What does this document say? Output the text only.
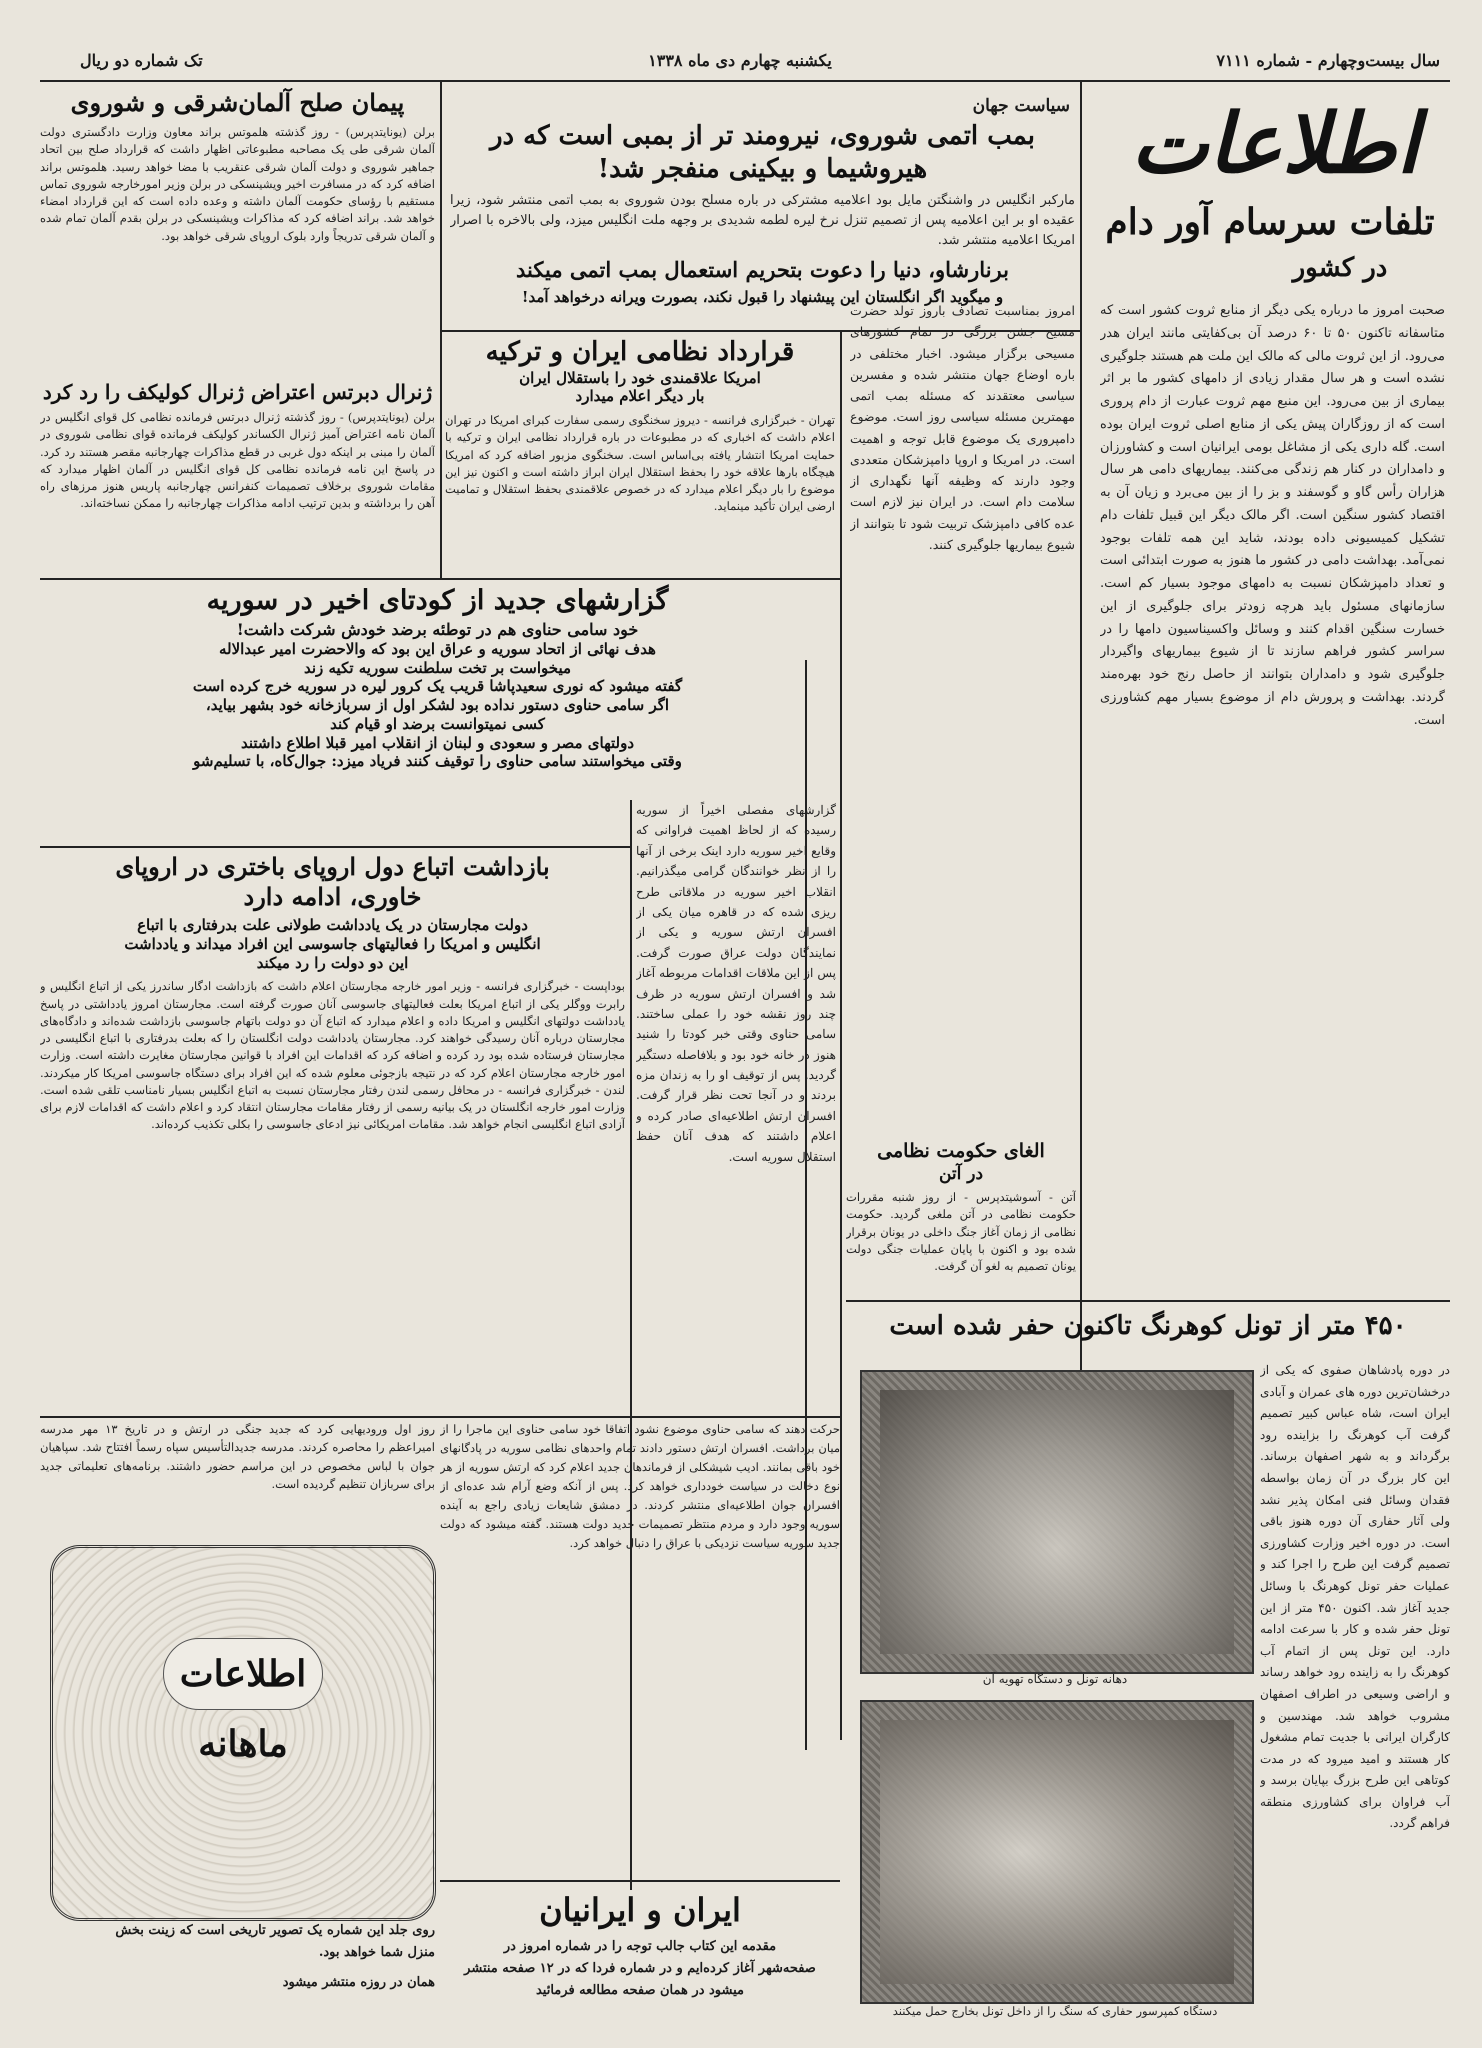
سال بیست‌وچهارم - شماره ۷۱۱۱
یکشنبه چهارم دی ماه ۱۳۳۸
تک شماره دو ریال
اطلاعات
سیاست جهان
بمب اتمی شوروی، نیرومند تر از بمبی است که در
هیروشیما و بیکینی منفجر شد!
مارکبر انگلیس در واشنگتن مایل بود اعلامیه مشترکی در باره مسلح بودن شوروی به بمب اتمی منتشر شود، زیرا عقیده او بر این اعلامیه پس از تصمیم تنزل نرخ لیره لطمه شدیدی بر وجهه ملت انگلیس میزد، ولی بالاخره با اصرار امریکا اعلامیه منتشر شد.
برنارشاو، دنیا را دعوت بتحریم استعمال بمب اتمی میکند
و میگوید اگر انگلستان این پیشنهاد را قبول نکند، بصورت ویرانه درخواهد آمد!
پیمان صلح آلمان‌شرقی و شوروی
برلن (یونایتدپرس) - روز گذشته هلموتس براند معاون وزارت دادگستری دولت آلمان شرقی طی یک مصاحبه مطبوعاتی اظهار داشت که قرارداد صلح بین اتحاد جماهیر شوروی و دولت آلمان شرقی عنقریب با مضا خواهد رسید. هلموتس براند اضافه کرد که در مسافرت اخیر ویشینسکی در برلن وزیر امورخارجه شوروی تماس مستقیم با رؤسای حکومت آلمان داشته و وعده داده است که این قرارداد امضاء خواهد شد. براند اضافه کرد که مذاکرات ویشینسکی در برلن بقدم آلمان تمام شده و آلمان شرقی تدریجاً وارد بلوک اروپای شرقی خواهد بود.
ژنرال دبرتس اعتراض ژنرال کولیکف را رد کرد
برلن (یونایتدپرس) - روز گذشته ژنرال دبرتس فرمانده نظامی کل قوای انگلیس در آلمان نامه اعتراض آمیز ژنرال الکساندر کولیکف فرمانده قوای نظامی شوروی در آلمان را مبنی بر اینکه دول غربی در قطع مذاکرات چهارجانبه مقصر هستند رد کرد. در پاسخ این نامه فرمانده نظامی کل قوای انگلیس در آلمان اظهار میدارد که مقامات شوروی برخلاف تصمیمات کنفرانس چهارجانبه پاریس هنوز مرزهای راه آهن را برداشته و بدین ترتیب ادامه مذاکرات چهارجانبه را ممکن نساخته‌اند.
تلفات سرسام آور دام
در کشور
صحبت امروز ما درباره یکی دیگر از منابع ثروت کشور است که متاسفانه تاکنون ۵۰ تا ۶۰ درصد آن بی‌کفایتی مانند ایران هدر می‌رود. از این ثروت مالی که مالک این ملت هم هستند جلوگیری نشده است و هر سال مقدار زیادی از دامهای کشور ما بر اثر بیماری از بین می‌رود. این منبع مهم ثروت عبارت از دام پروری است که از روزگاران پیش یکی از منابع اصلی ثروت ایران بوده است. گله داری یکی از مشاغل بومی ایرانیان است و کشاورزان و دامداران در کنار هم زندگی می‌کنند. بیماریهای دامی هر سال هزاران رأس گاو و گوسفند و بز را از بین می‌برد و زیان آن به اقتصاد کشور سنگین است. اگر مالک دیگر این قبیل تلفات دام تشکیل کمیسیونی داده بودند، شاید این همه تلفات بوجود نمی‌آمد. بهداشت دامی در کشور ما هنوز به صورت ابتدائی است و تعداد دامپزشکان نسبت به دامهای موجود بسیار کم است. سازمانهای مسئول باید هرچه زودتر برای جلوگیری از این خسارت سنگین اقدام کنند و وسائل واکسیناسیون دامها را در سراسر کشور فراهم سازند تا از شیوع بیماریهای واگیردار جلوگیری شود و دامداران بتوانند از حاصل رنج خود بهره‌مند گردند. بهداشت و پرورش دام از موضوع بسیار مهم کشاورزی است.
امروز بمناسبت تصادف باروز تولد حضرت مسیح جشن بزرگی در تمام کشورهای مسیحی برگزار میشود. اخبار مختلفی در باره اوضاع جهان منتشر شده و مفسرین سیاسی معتقدند که مسئله بمب اتمی مهمترین مسئله سیاسی روز است. موضوع دامپروری یک موضوع قابل توجه و اهمیت است. در امریکا و اروپا دامپزشکان متعددی وجود دارند که وظیفه آنها نگهداری از سلامت دام است. در ایران نیز لازم است عده کافی دامپزشک تربیت شود تا بتوانند از شیوع بیماریها جلوگیری کنند.
قرارداد نظامی ایران و ترکیه
امریکا علاقمندی خود را باستقلال ایران
بار دیگر اعلام میدارد
تهران - خبرگزاری فرانسه - دیروز سخنگوی رسمی سفارت کبرای امریکا در تهران اعلام داشت که اخباری که در مطبوعات در باره قرارداد نظامی ایران و ترکیه با حمایت امریکا انتشار یافته بی‌اساس است. سخنگوی مزبور اضافه کرد که امریکا هیچگاه بارها علاقه خود را بحفظ استقلال ایران ابراز داشته است و اکنون نیز این موضوع را بار دیگر اعلام میدارد که در خصوص علاقمندی بحفظ استقلال و تمامیت ارضی ایران تأکید مینماید.
گزارشهای جدید از کودتای اخیر در سوریه
خود سامی حناوی هم در توطئه برضد خودش شرکت داشت!
هدف نهائی از اتحاد سوریه و عراق این بود که والاحضرت امیر عبدالاله
میخواست بر تخت سلطنت سوریه تکیه زند
گفته میشود که نوری سعیدپاشا قریب یک کرور لیره در سوریه خرج کرده است
اگر سامی حناوی دستور نداده بود لشکر اول از سربازخانه خود بشهر بیاید،
کسی نمیتوانست برضد او قیام کند
دولتهای مصر و سعودی و لبنان از انقلاب امیر قبلا اطلاع داشتند
وقتی میخواستند سامی حناوی را توقیف کنند فریاد میزد: جوال‌کاه، با تسلیم‌شو
گزارشهای مفصلی اخیراً از سوریه رسیده که از لحاظ اهمیت فراوانی که وقایع اخیر سوریه دارد اینک برخی از آنها را از نظر خوانندگان گرامی میگذرانیم. انقلاب اخیر سوریه در ملاقاتی طرح ریزی شده که در قاهره میان یکی از افسران ارتش سوریه و یکی از نمایندگان دولت عراق صورت گرفت. پس از این ملاقات اقدامات مربوطه آغاز شد و افسران ارتش سوریه در ظرف چند روز نقشه خود را عملی ساختند. سامی حناوی وقتی خبر کودتا را شنید هنوز در خانه خود بود و بلافاصله دستگیر گردید. پس از توقیف او را به زندان مزه بردند و در آنجا تحت نظر قرار گرفت. افسران ارتش اطلاعیه‌ای صادر کرده و اعلام داشتند که هدف آنان حفظ استقلال سوریه است.
بازداشت اتباع دول اروپای باختری در اروپای
خاوری، ادامه دارد
دولت مجارستان در یک یادداشت طولانی علت بدرفتاری با اتباع
انگلیس و امریکا را فعالیتهای جاسوسی این افراد میداند و یادداشت
این دو دولت را رد میکند
بوداپست - خبرگزاری فرانسه - وزیر امور خارجه مجارستان اعلام داشت که بازداشت ادگار ساندرز یکی از اتباع انگلیس و رابرت ووگلر یکی از اتباع امریکا بعلت فعالیتهای جاسوسی آنان صورت گرفته است. مجارستان امروز یادداشتی در پاسخ یادداشت دولتهای انگلیس و امریکا داده و اعلام میدارد که اتباع آن دو دولت باتهام جاسوسی بازداشت شده‌اند و دادگاه‌های مجارستان درباره آنان رسیدگی خواهند کرد. مجارستان یادداشت دولت انگلستان را که بعلت بدرفتاری با اتباع انگلیسی در مجارستان فرستاده شده بود رد کرده و اضافه کرد که اقدامات این افراد با قوانین مجارستان مغایرت داشته است. وزارت امور خارجه مجارستان اعلام کرد که در نتیجه بازجوئی معلوم شده که این افراد برای دستگاه جاسوسی امریکا کار میکردند. لندن - خبرگزاری فرانسه - در محافل رسمی لندن رفتار مجارستان نسبت به اتباع انگلیس بسیار نامناسب تلقی شده است. وزارت امور خارجه انگلستان در یک بیانیه رسمی از رفتار مقامات مجارستان انتقاد کرد و اعلام داشت که اقدامات لازم برای آزادی اتباع انگلیسی انجام خواهد شد. مقامات امریکائی نیز ادعای جاسوسی را بکلی تکذیب کرده‌اند.
الغای حکومت نظامی
در آتن
آتن - آسوشیتدپرس - از روز شنبه مقررات حکومت نظامی در آتن ملغی گردید. حکومت نظامی از زمان آغاز جنگ داخلی در یونان برقرار شده بود و اکنون با پایان عملیات جنگی دولت یونان تصمیم به لغو آن گرفت.
۴۵۰ متر از تونل کوهرنگ تاکنون حفر شده است
در دوره پادشاهان صفوی که یکی از درخشان‌ترین دوره های عمران و آبادی ایران است، شاه عباس کبیر تصمیم گرفت آب کوهرنگ را بزاینده رود برگرداند و به شهر اصفهان برساند. این کار بزرگ در آن زمان بواسطه فقدان وسائل فنی امکان پذیر نشد ولی آثار حفاری آن دوره هنوز باقی است. در دوره اخیر وزارت کشاورزی تصمیم گرفت این طرح را اجرا کند و عملیات حفر تونل کوهرنگ با وسائل جدید آغاز شد. اکنون ۴۵۰ متر از این تونل حفر شده و کار با سرعت ادامه دارد. این تونل پس از اتمام آب کوهرنگ را به زاینده رود خواهد رساند و اراضی وسیعی در اطراف اصفهان مشروب خواهد شد. مهندسین و کارگران ایرانی با جدیت تمام مشغول کار هستند و امید میرود که در مدت کوتاهی این طرح بزرگ بپایان برسد و آب فراوان برای کشاورزی منطقه فراهم گردد.
دهانه تونل و دستگاه تهویه آن
دستگاه کمپرسور حفاری که سنگ را از داخل تونل بخارج حمل میکنند
حرکت دهند که سامی حناوی موضوع نشود اتفاقا خود سامی حناوی این ماجرا را از میان برداشت. افسران ارتش دستور دادند تمام واحدهای نظامی سوریه در پادگانهای خود باقی بمانند. ادیب شیشکلی از فرماندهان جدید اعلام کرد که ارتش سوریه از هر نوع دخالت در سیاست خودداری خواهد کرد. پس از آنکه وضع آرام شد عده‌ای از افسران جوان اطلاعیه‌ای منتشر کردند. در دمشق شایعات زیادی راجع به آینده سوریه وجود دارد و مردم منتظر تصمیمات جدید دولت هستند. گفته میشود که دولت جدید سوریه سیاست نزدیکی با عراق را دنبال خواهد کرد.
روز اول ورودیهایی کرد که جدید جنگی در ارتش و در تاریخ ۱۳ مهر مدرسه امیراعظم را محاصره کردند. مدرسه جدیدالتأسیس سپاه رسماً افتتاح شد. سپاهیان جوان با لباس مخصوص در این مراسم حضور داشتند. برنامه‌های تعلیماتی جدید برای سربازان تنظیم گردیده است.
اطلاعات ماهانه
روی جلد این شماره یک تصویر تاریخی است که زینت بخش
منزل شما خواهد بود.
همان در روزه منتشر میشود
ایران و ایرانیان
مقدمه این کتاب جالب توجه را در شماره امروز در
صفحه‌شهر آغاز کرده‌ایم و در شماره فردا که در ۱۲ صفحه منتشر
میشود در همان صفحه مطالعه فرمائید
